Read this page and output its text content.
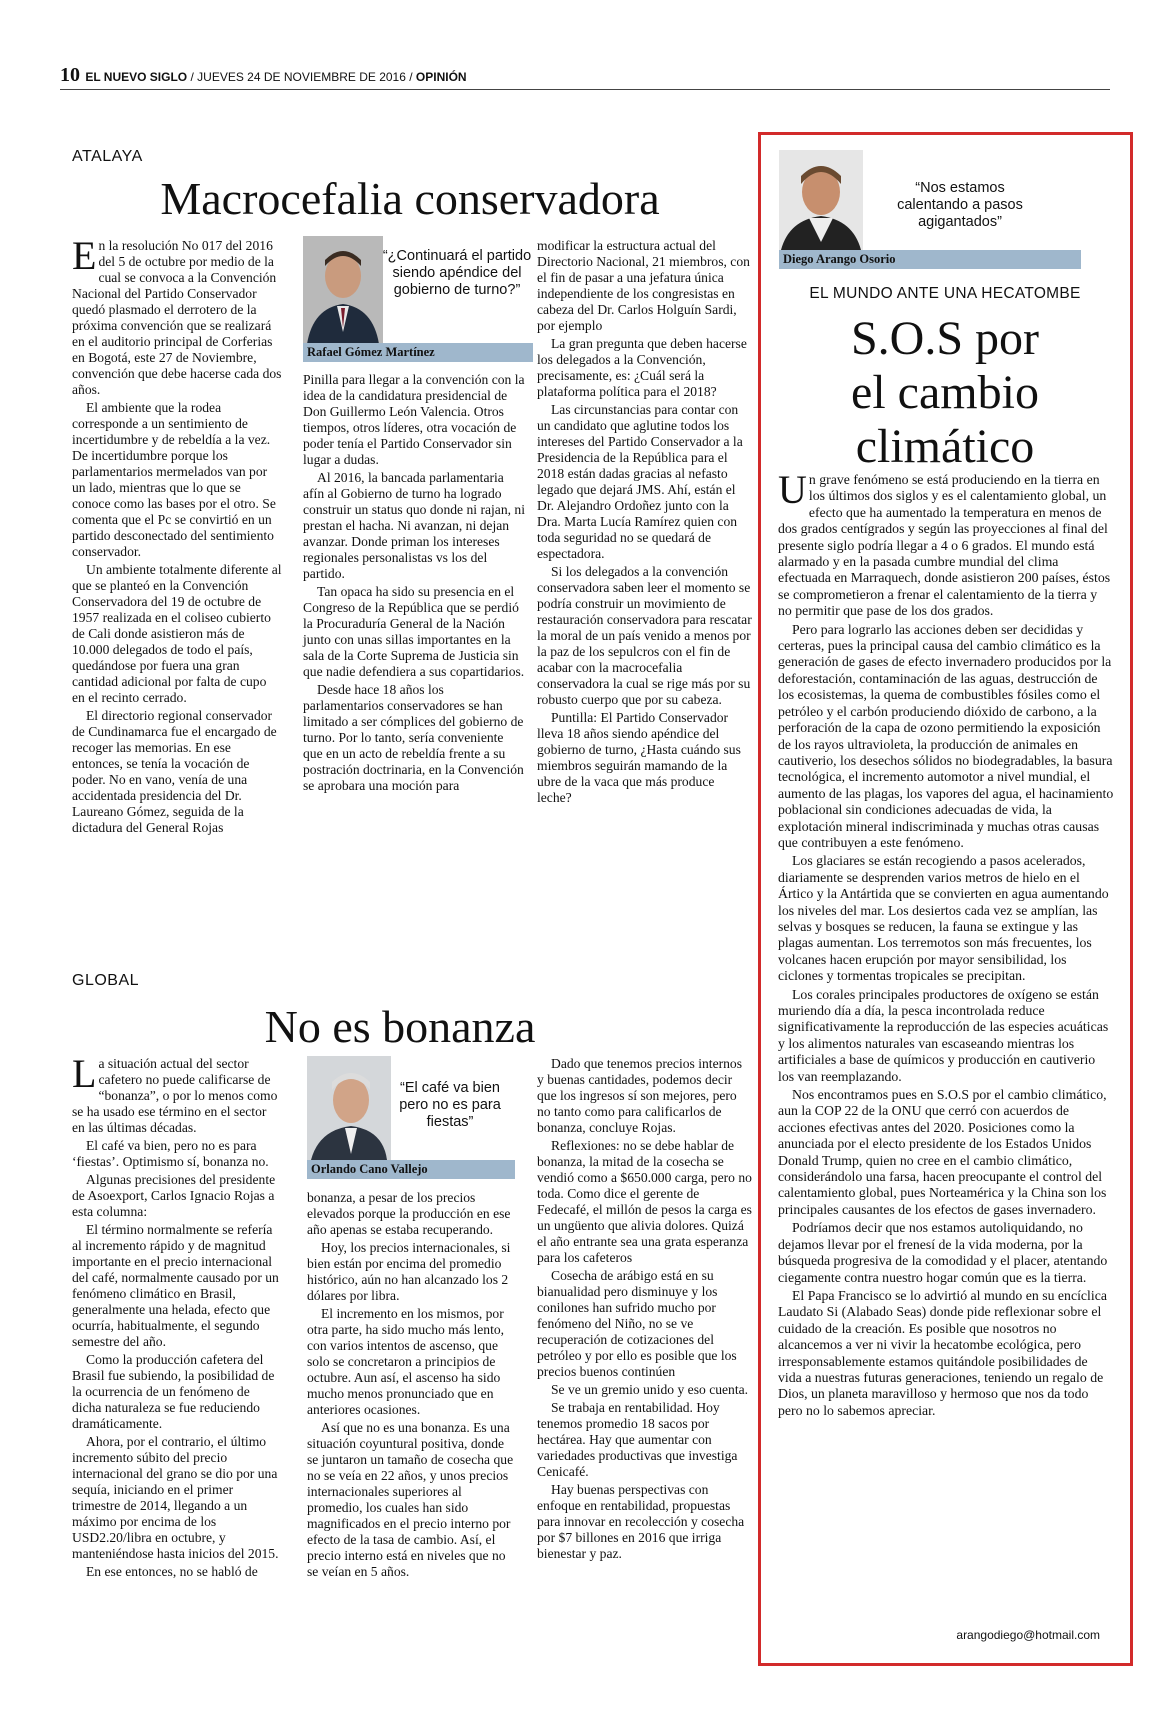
10 EL NUEVO SIGLO / JUEVES 24 DE NOVIEMBRE DE 2016 / OPINIÓN
ATALAYA
Macrocefalia conservadora

En la resolución No 017 del 2016 del 5 de octubre por medio de la cual se convoca a la Convención Nacional del Partido Conservador quedó plasmado el derrotero de la próxima convención que se realizará en el auditorio principal de Corferias en Bogotá, este 27 de Noviembre, convención que debe hacerse cada dos años.

El ambiente que la rodea corresponde a un sentimiento de incertidumbre y de rebeldía a la vez. De incertidumbre porque los parlamentarios mermelados van por un lado, mientras que lo que se conoce como las bases por el otro. Se comenta que el Pc se convirtió en un partido desconectado del sentimiento conservador.

Un ambiente totalmente diferente al que se planteó en la Convención Conservadora del 19 de octubre de 1957 realizada en el coliseo cubierto de Cali donde asistieron más de 10.000 delegados de todo el país, quedándose por fuera una gran cantidad adicional por falta de cupo en el recinto cerrado.

El directorio regional conservador de Cundinamarca fue el encargado de recoger las memorias. En ese entonces, se tenía la vocación de poder. No en vano, venía de una accidentada presidencia del Dr. Laureano Gómez, seguida de la dictadura del General Rojas

“¿Continuará el partido siendo apéndice del gobierno de turno?”
Rafael Gómez Martínez

Pinilla para llegar a la convención con la idea de la candidatura presidencial de Don Guillermo León Valencia. Otros tiempos, otros líderes, otra vocación de poder tenía el Partido Conservador sin lugar a dudas.

Al 2016, la bancada parlamentaria afín al Gobierno de turno ha logrado construir un status quo donde ni rajan, ni prestan el hacha. Ni avanzan, ni dejan avanzar. Donde priman los intereses regionales personalistas vs los del partido.

Tan opaca ha sido su presencia en el Congreso de la República que se perdió la Procuraduría General de la Nación junto con unas sillas importantes en la sala de la Corte Suprema de Justicia sin que nadie defendiera a sus copartidarios.

Desde hace 18 años los parlamentarios conservadores se han limitado a ser cómplices del gobierno de turno. Por lo tanto, sería conveniente que en un acto de rebeldía frente a su postración doctrinaria, en la Convención se aprobara una moción para

modificar la estructura actual del Directorio Nacional, 21 miembros, con el fin de pasar a una jefatura única independiente de los congresistas en cabeza del Dr. Carlos Holguín Sardi, por ejemplo

La gran pregunta que deben hacerse los delegados a la Convención, precisamente, es: ¿Cuál será la plataforma política para el 2018?

Las circunstancias para contar con un candidato que aglutine todos los intereses del Partido Conservador a la Presidencia de la República para el 2018 están dadas gracias al nefasto legado que dejará JMS. Ahí, están el Dr. Alejandro Ordoñez junto con la Dra. Marta Lucía Ramírez quien con toda seguridad no se quedará de espectadora.

Si los delegados a la convención conservadora saben leer el momento se podría construir un movimiento de restauración conservadora para rescatar la moral de un país venido a menos por la paz de los sepulcros con el fin de acabar con la macrocefalia conservadora la cual se rige más por su robusto cuerpo que por su cabeza.

Puntilla: El Partido Conservador lleva 18 años siendo apéndice del gobierno de turno, ¿Hasta cuándo sus miembros seguirán mamando de la ubre de la vaca que más produce leche?

GLOBAL
No es bonanza

La situación actual del sector cafetero no puede calificarse de “bonanza”, o por lo menos como se ha usado ese término en el sector en las últimas décadas.

El café va bien, pero no es para ‘fiestas’. Optimismo sí, bonanza no.

Algunas precisiones del presidente de Asoexport, Carlos Ignacio Rojas a esta columna:

El término normalmente se refería al incremento rápido y de magnitud importante en el precio internacional del café, normalmente causado por un fenómeno climático en Brasil, generalmente una helada, efecto que ocurría, habitualmente, el segundo semestre del año.

Como la producción cafetera del Brasil fue subiendo, la posibilidad de la ocurrencia de un fenómeno de dicha naturaleza se fue reduciendo dramáticamente.

Ahora, por el contrario, el último incremento súbito del precio internacional del grano se dio por una sequía, iniciando en el primer trimestre de 2014, llegando a un máximo por encima de los USD2.20/libra en octubre, y manteniéndose hasta inicios del 2015.

En ese entonces, no se habló de

“El café va bien pero no es para fiestas”
Orlando Cano Vallejo

bonanza, a pesar de los precios elevados porque la producción en ese año apenas se estaba recuperando.

Hoy, los precios internacionales, si bien están por encima del promedio histórico, aún no han alcanzado los 2 dólares por libra.

El incremento en los mismos, por otra parte, ha sido mucho más lento, con varios intentos de ascenso, que solo se concretaron a principios de octubre. Aun así, el ascenso ha sido mucho menos pronunciado que en anteriores ocasiones.

Así que no es una bonanza. Es una situación coyuntural positiva, donde se juntaron un tamaño de cosecha que no se veía en 22 años, y unos precios internacionales superiores al promedio, los cuales han sido magnificados en el precio interno por efecto de la tasa de cambio. Así, el precio interno está en niveles que no se veían en 5 años.

Dado que tenemos precios internos y buenas cantidades, podemos decir que los ingresos sí son mejores, pero no tanto como para calificarlos de bonanza, concluye Rojas.

Reflexiones: no se debe hablar de bonanza, la mitad de la cosecha se vendió como a $650.000 carga, pero no toda. Como dice el gerente de Fedecafé, el millón de pesos la carga es un ungüento que alivia dolores. Quizá el año entrante sea una grata esperanza para los cafeteros

Cosecha de arábigo está en su bianualidad pero disminuye y los conilones han sufrido mucho por fenómeno del Niño, no se ve recuperación de cotizaciones del petróleo y por ello es posible que los precios buenos continúen

Se ve un gremio unido y eso cuenta.

Se trabaja en rentabilidad. Hoy tenemos promedio 18 sacos por hectárea. Hay que aumentar con variedades productivas que investiga Cenicafé.

Hay buenas perspectivas con enfoque en rentabilidad, propuestas para innovar en recolección y cosecha por $7 billones en 2016 que irriga bienestar y paz.

“Nos estamos calentando a pasos agigantados”
Diego Arango Osorio
EL MUNDO ANTE UNA HECATOMBE
S.O.S por
el cambio
climático

Un grave fenómeno se está produciendo en la tierra en los últimos dos siglos y es el calentamiento global, un efecto que ha aumentado la temperatura en menos de dos grados centígrados y según las proyecciones al final del presente siglo podría llegar a 4 o 6 grados. El mundo está alarmado y en la pasada cumbre mundial del clima efectuada en Marraquech, donde asistieron 200 países, éstos se comprometieron a frenar el calentamiento de la tierra y no permitir que pase de los dos grados.

Pero para lograrlo las acciones deben ser decididas y certeras, pues la principal causa del cambio climático es la generación de gases de efecto invernadero producidos por la deforestación, contaminación de las aguas, destrucción de los ecosistemas, la quema de combustibles fósiles como el petróleo y el carbón produciendo dióxido de carbono, a la perforación de la capa de ozono permitiendo la exposición de los rayos ultravioleta, la producción de animales en cautiverio, los desechos sólidos no biodegradables, la basura tecnológica, el incremento automotor a nivel mundial, el aumento de las plagas, los vapores del agua, el hacinamiento poblacional sin condiciones adecuadas de vida, la explotación mineral indiscriminada y muchas otras causas que contribuyen a este fenómeno.

Los glaciares se están recogiendo a pasos acelerados, diariamente se desprenden varios metros de hielo en el Ártico y la Antártida que se convierten en agua aumentando los niveles del mar. Los desiertos cada vez se amplían, las selvas y bosques se reducen, la fauna se extingue y las plagas aumentan. Los terremotos son más frecuentes, los volcanes hacen erupción por mayor sensibilidad, los ciclones y tormentas tropicales se precipitan.

Los corales principales productores de oxígeno se están muriendo día a día, la pesca incontrolada reduce significativamente la reproducción de las especies acuáticas y los alimentos naturales van escaseando mientras los artificiales a base de químicos y producción en cautiverio los van reemplazando.

Nos encontramos pues en S.O.S por el cambio climático, aun la COP 22 de la ONU que cerró con acuerdos de acciones efectivas antes del 2020. Posiciones como la anunciada por el electo presidente de los Estados Unidos Donald Trump, quien no cree en el cambio climático, considerándolo una farsa, hacen preocupante el control del calentamiento global, pues Norteamérica y la China son los principales causantes de los efectos de gases invernadero.

Podríamos decir que nos estamos autoliquidando, no dejamos llevar por el frenesí de la vida moderna, por la búsqueda progresiva de la comodidad y el placer, atentando ciegamente contra nuestro hogar común que es la tierra.

El Papa Francisco se lo advirtió al mundo en su encíclica Laudato Si (Alabado Seas) donde pide reflexionar sobre el cuidado de la creación. Es posible que nosotros no alcancemos a ver ni vivir la hecatombe ecológica, pero irresponsablemente estamos quitándole posibilidades de vida a nuestras futuras generaciones, teniendo un regalo de Dios, un planeta maravilloso y hermoso que nos da todo pero no lo sabemos apreciar.

arangodiego@hotmail.com
